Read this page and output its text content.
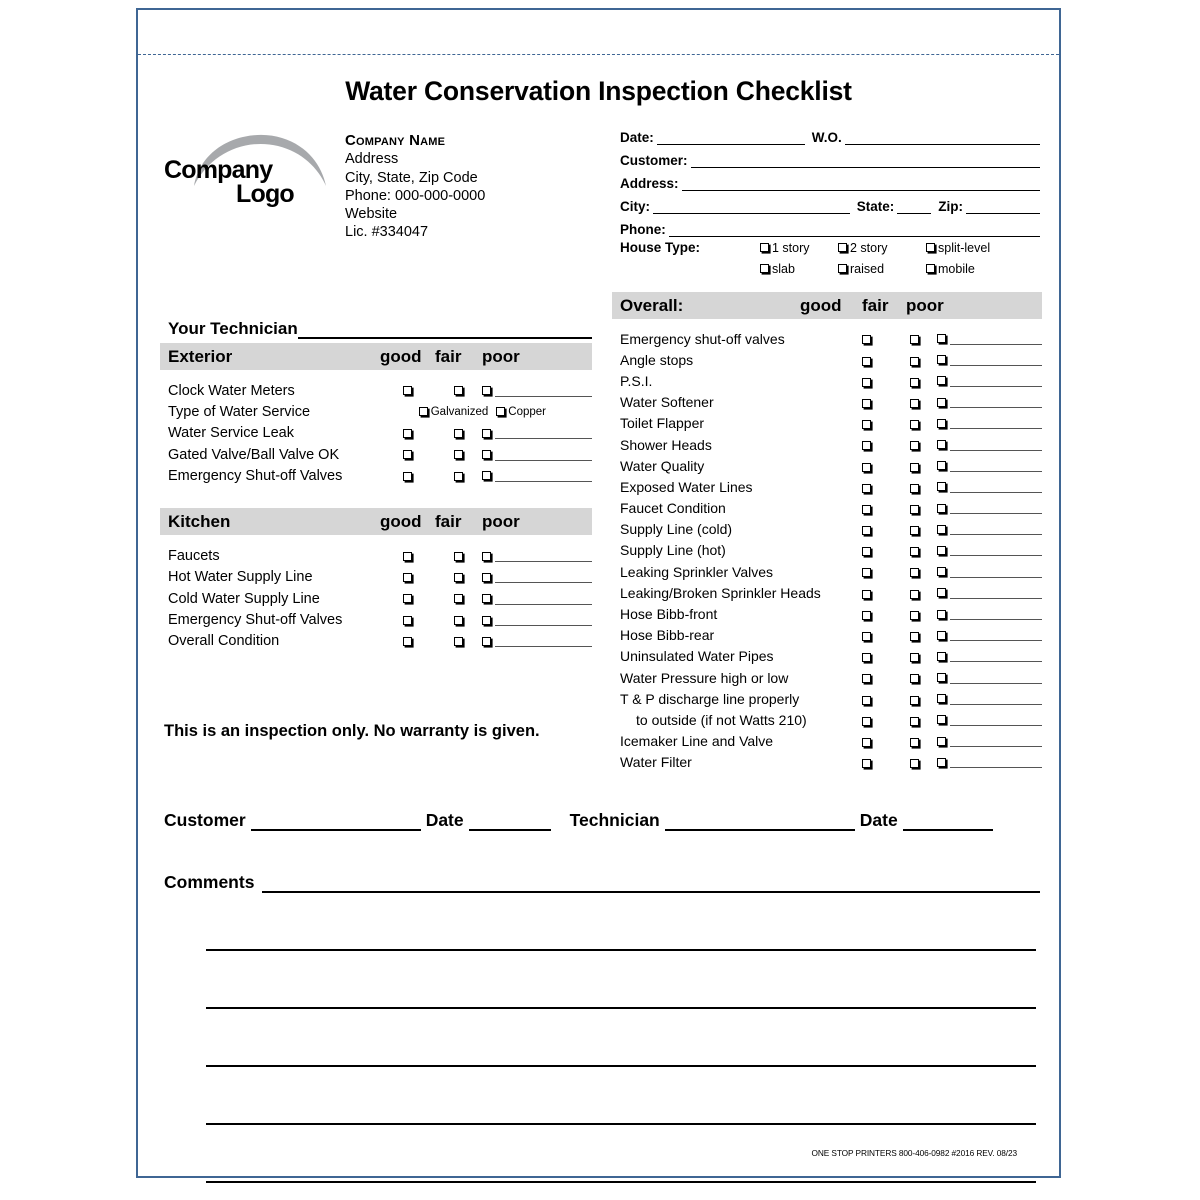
Water Conservation Inspection Checklist
Company
Logo
Company Name
Address
City, State, Zip Code
Phone: 000-000-0000
Website
Lic. #334047
Date:	W.O.
Customer:
Address:
City:	State:	Zip:
Phone:
House Type:	1 story	2 story	split-level
slab	raised	mobile
Your Technician
Exterior	good fair	poor
Clock Water Meters
Type of Water Service	Galvanized Copper
Water Service Leak
Gated Valve/Ball Valve OK
Emergency Shut-off Valves
Kitchen	good fair	poor
Faucets
Hot Water Supply Line
Cold Water Supply Line
Emergency Shut-off Valves
Overall Condition
This is an inspection only. No warranty is given.
Overall:	good	fair	poor
Emergency shut-off valves
Angle stops
P.S.I.
Water Softener
Toilet Flapper
Shower Heads
Water Quality
Exposed Water Lines
Faucet Condition
Supply Line (cold)
Supply Line (hot)
Leaking Sprinkler Valves
Leaking/Broken Sprinkler Heads
Hose Bibb-front
Hose Bibb-rear
Uninsulated Water Pipes
Water Pressure high or low
T & P discharge line properly
to outside (if not Watts 210)
Icemaker Line and Valve
Water Filter
Customer	Date	Technician	Date
Comments
ONE STOP PRINTERS 800-406-0982 #2016 REV. 08/23
